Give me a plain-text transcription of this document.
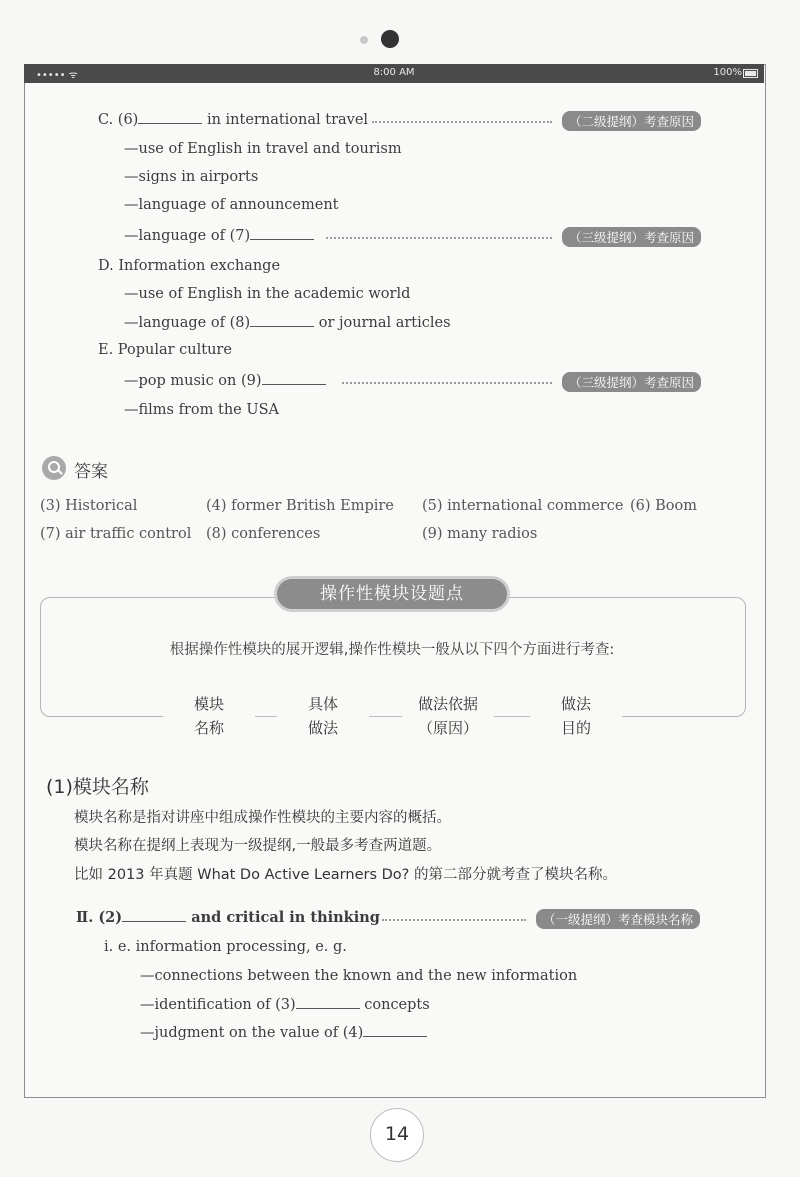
••••• ᯤ	8:00 AM	100%
C. (6)	in international travel	（二级提纲）考查原因
—use of English in travel and tourism
—signs in airports
—language of announcement
—language of (7)	（三级提纲）考查原因
D. Information exchange
—use of English in the academic world
—language of (8)	or journal articles
E. Popular culture
—pop music on (9)	（三级提纲）考查原因
—films from the USA
答案
(3) Historical	(4) former British Empire (5) international commerce (6) Boom
(7) air traffic control (8) conferences	(9) many radios
操作性模块设题点
根据操作性模块的展开逻辑,操作性模块一般从以下四个方面进行考查:
模块
名称
具体
做法
做法依据
（原因）
做法
目的
(1)模块名称
模块名称是指对讲座中组成操作性模块的主要内容的概括。
模块名称在提纲上表现为一级提纲,一般最多考查两道题。
比如 2013 年真题 What Do Active Learners Do? 的第二部分就考查了模块名称。
Ⅱ. (2)	and critical in thinking	（一级提纲）考查模块名称
i. e. information processing, e. g.
—connections between the known and the new information
—identification of (3)	concepts
—judgment on the value of (4)
14
